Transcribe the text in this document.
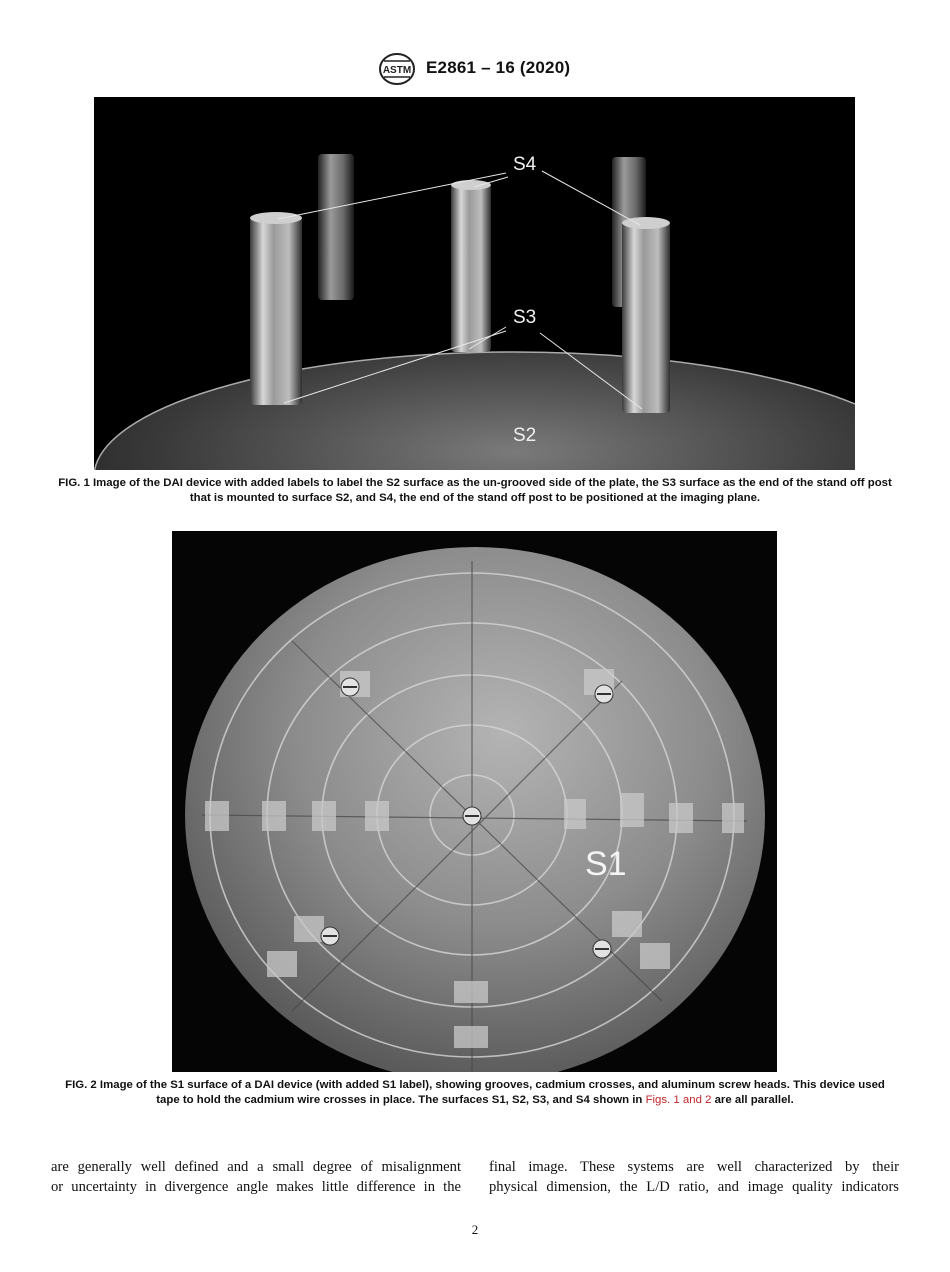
ASTM E2861 – 16 (2020)
S4
S3
S2
FIG. 1 Image of the DAI device with added labels to label the S2 surface as the un-grooved side of the plate, the S3 surface as the end of the stand off post that is mounted to surface S2, and S4, the end of the stand off post to be positioned at the imaging plane.
S1
FIG. 2 Image of the S1 surface of a DAI device (with added S1 label), showing grooves, cadmium crosses, and aluminum screw heads. This device used tape to hold the cadmium wire crosses in place. The surfaces S1, S2, S3, and S4 shown in Figs. 1 and 2 are all parallel.
are generally well defined and a small degree of misalignment
or uncertainty in divergence angle makes little difference in the
final image. These systems are well characterized by their
physical dimension, the L/D ratio, and image quality indicators
2
